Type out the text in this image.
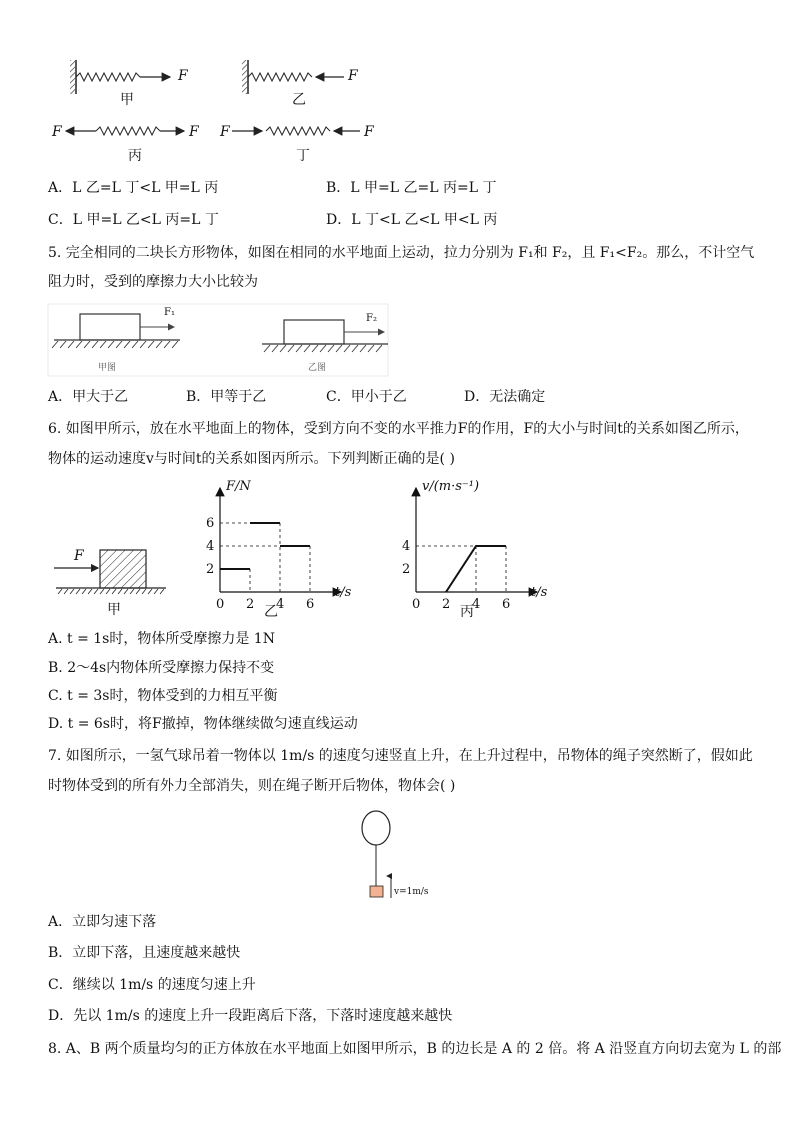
F
甲
F
乙
F	F
丙
F	F
丁
A．L 乙=L 丁<L 甲=L 丙	B．L 甲=L 乙=L 丙=L 丁
C．L 甲=L 乙<L 丙=L 丁	D．L 丁<L 乙<L 甲<L 丙
5. 完全相同的二块长方形物体，如图在相同的水平地面上运动，拉力分别为 F₁和 F₂，且 F₁<F₂。那么，不计空气
阻力时，受到的摩擦力大小比较为
F₁
F₂
甲图	乙图
A．甲大于乙	B．甲等于乙	C．甲小于乙	D．无法确定
6. 如图甲所示，放在水平地面上的物体，受到方向不变的水平推力F的作用，F的大小与时间t的关系如图乙所示，
物体的运动速度v与时间t的关系如图丙所示。下列判断正确的是( )
F
甲
F/N
t/s
0 2 4 6
2
4
6
乙
v/(m·s⁻¹)
t/s
0 2 4 6
2
4
丙
A. t = 1s时，物体所受摩擦力是 1N
B. 2～4s内物体所受摩擦力保持不变
C. t = 3s时，物体受到的力相互平衡
D. t = 6s时，将F撤掉，物体继续做匀速直线运动
7. 如图所示，一氢气球吊着一物体以 1m/s 的速度匀速竖直上升，在上升过程中，吊物体的绳子突然断了，假如此
时物体受到的所有外力全部消失，则在绳子断开后物体，物体会( )
v=1m/s
A．立即匀速下落
B．立即下落，且速度越来越快
C．继续以 1m/s 的速度匀速上升
D．先以 1m/s 的速度上升一段距离后下落，下落时速度越来越快
8. A、B 两个质量均匀的正方体放在水平地面上如图甲所示，B 的边长是 A 的 2 倍。将 A 沿竖直方向切去宽为 L 的部
